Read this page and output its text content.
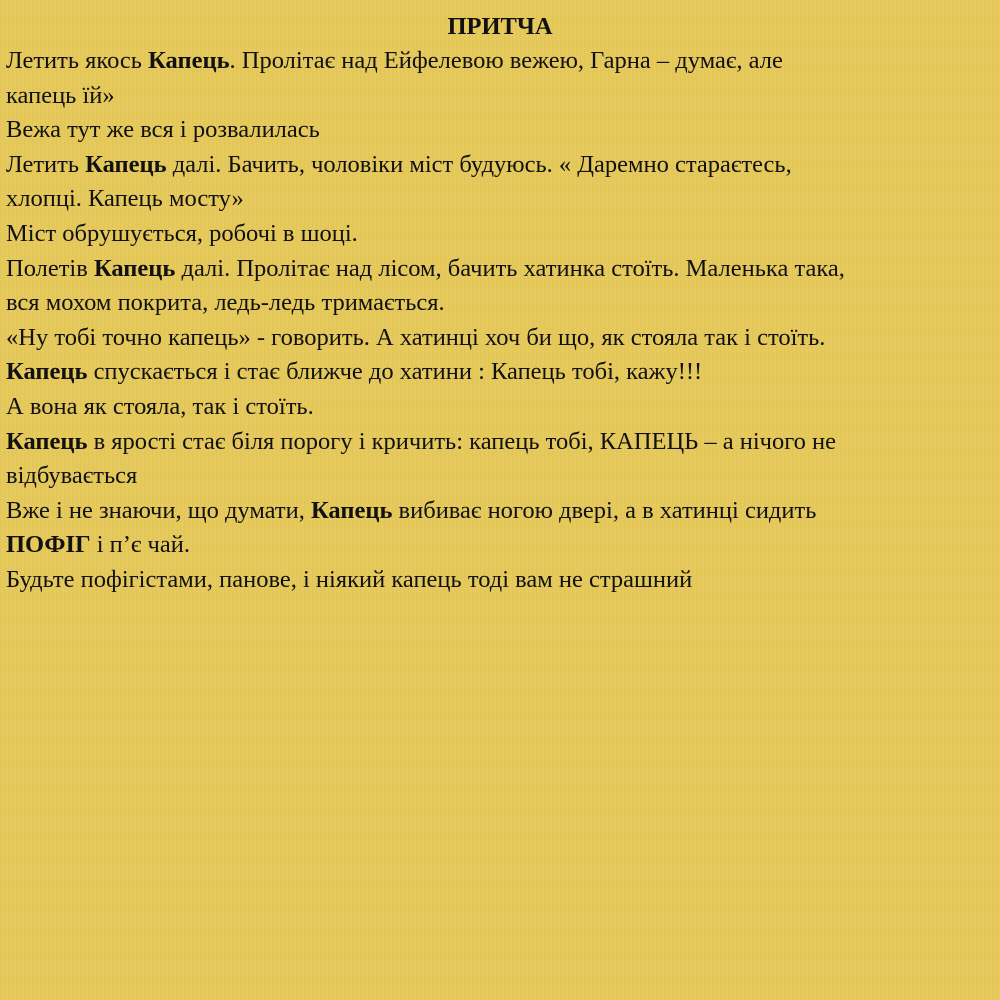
ПРИТЧА

Летить якось Капець. Пролітає над Ейфелевою вежею, Гарна – думає, але
капець їй»

Вежа тут же вся і розвалилась

Летить Капець далі. Бачить, чоловіки міст будуюсь. « Даремно стараєтесь,
хлопці. Капець мосту»

Міст обрушується, робочі в шоці.

Полетів Капець далі. Пролітає над лісом, бачить хатинка стоїть. Маленька така,
вся мохом покрита, ледь-ледь тримається.

«Ну тобі точно капець» - говорить. А хатинці хоч би що, як стояла так і стоїть.

Капець спускається і стає ближче до хатини : Капець тобі, кажу!!!

А вона як стояла, так і стоїть.

Капець в ярості стає біля порогу і кричить: капець тобі, КАПЕЦЬ – а нічого не
відбувається

Вже і не знаючи, що думати, Капець вибиває ногою двері, а в хатинці сидить
ПОФІГ і п’є чай.

Будьте пофігістами, панове, і ніякий капець тоді вам не страшний
